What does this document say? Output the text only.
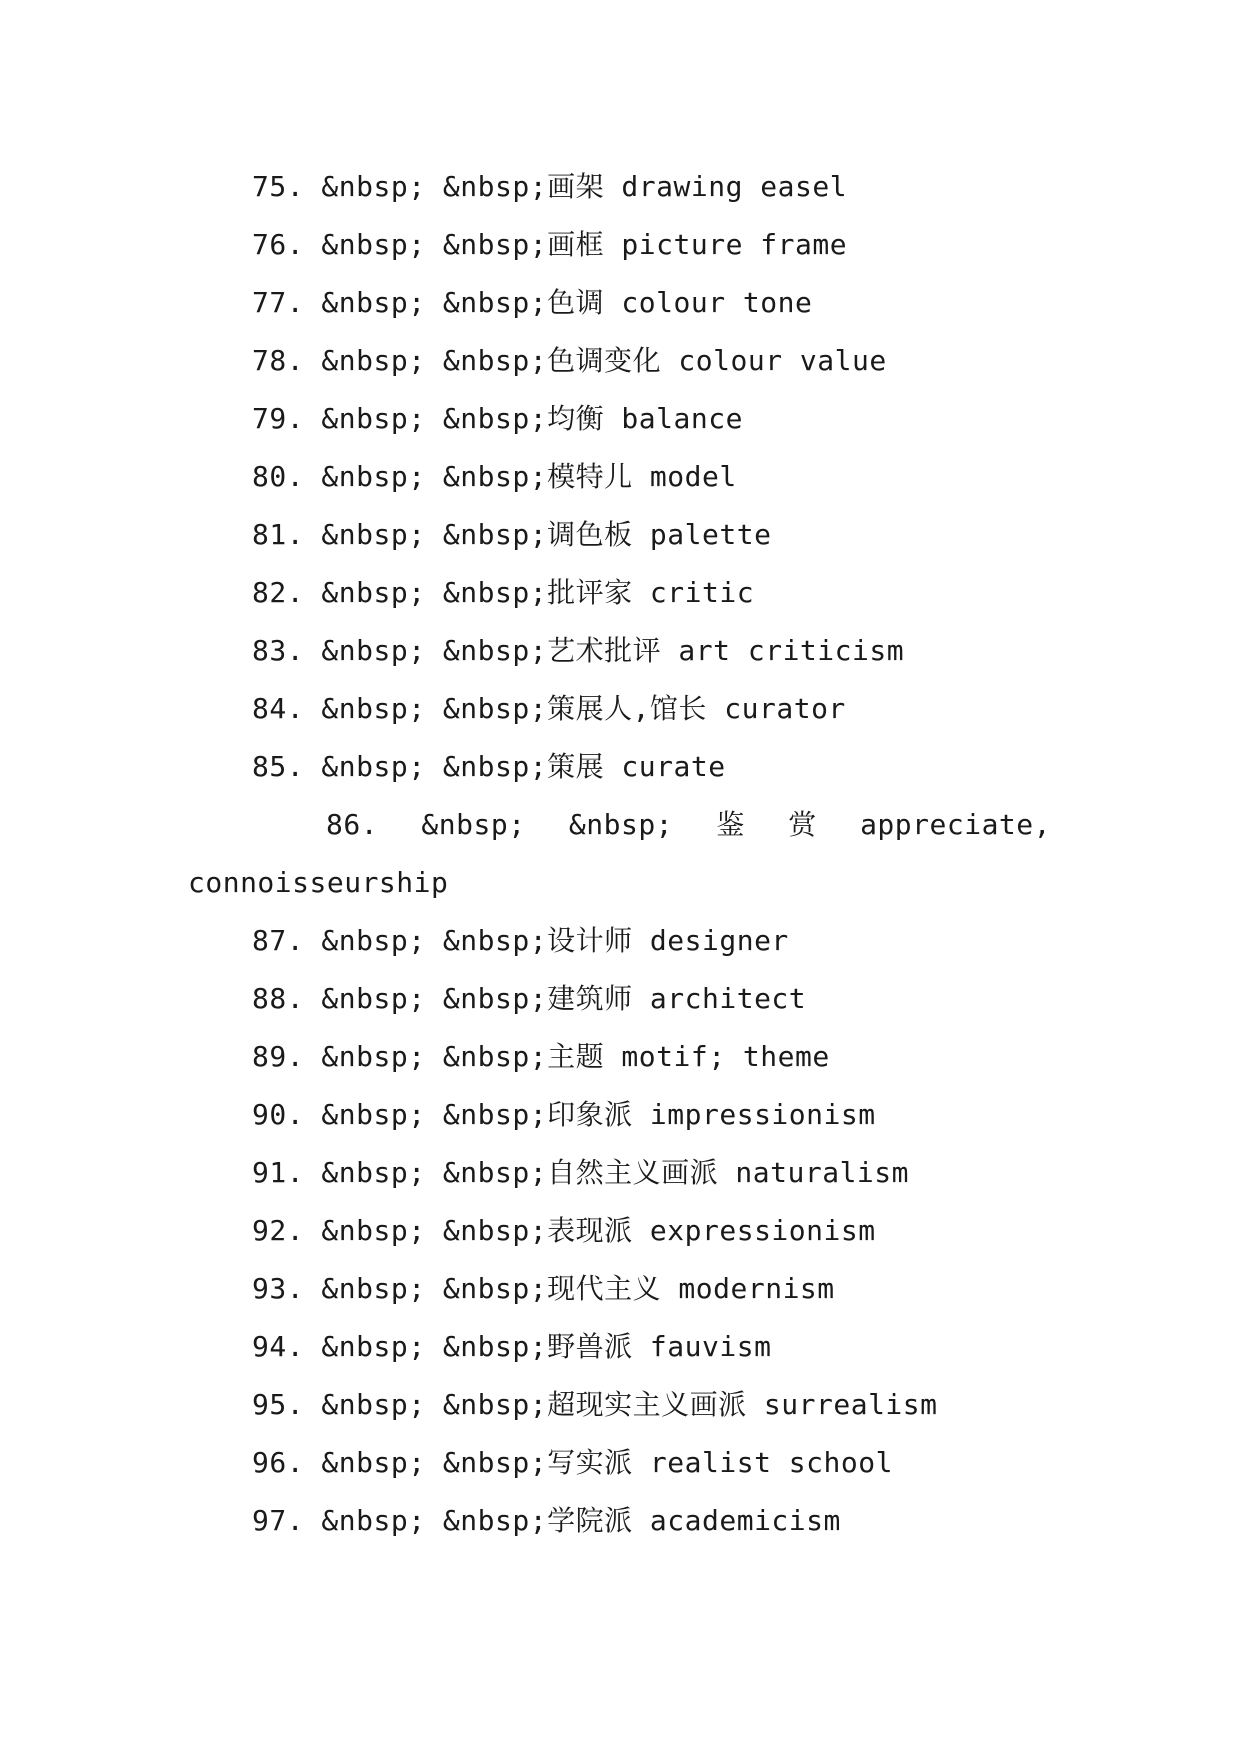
75. &nbsp; &nbsp;画架 drawing easel
76. &nbsp; &nbsp;画框 picture frame
77. &nbsp; &nbsp;色调 colour tone
78. &nbsp; &nbsp;色调变化 colour value
79. &nbsp; &nbsp;均衡 balance
80. &nbsp; &nbsp;模特儿 model
81. &nbsp; &nbsp;调色板 palette
82. &nbsp; &nbsp;批评家 critic
83. &nbsp; &nbsp;艺术批评 art criticism
84. &nbsp; &nbsp;策展人,馆长 curator
85. &nbsp; &nbsp;策展 curate
86. &nbsp; &nbsp; 鉴 赏 appreciate,
connoisseurship
87. &nbsp; &nbsp;设计师 designer
88. &nbsp; &nbsp;建筑师 architect
89. &nbsp; &nbsp;主题 motif; theme
90. &nbsp; &nbsp;印象派 impressionism
91. &nbsp; &nbsp;自然主义画派 naturalism
92. &nbsp; &nbsp;表现派 expressionism
93. &nbsp; &nbsp;现代主义 modernism
94. &nbsp; &nbsp;野兽派 fauvism
95. &nbsp; &nbsp;超现实主义画派 surrealism
96. &nbsp; &nbsp;写实派 realist school
97. &nbsp; &nbsp;学院派 academicism
